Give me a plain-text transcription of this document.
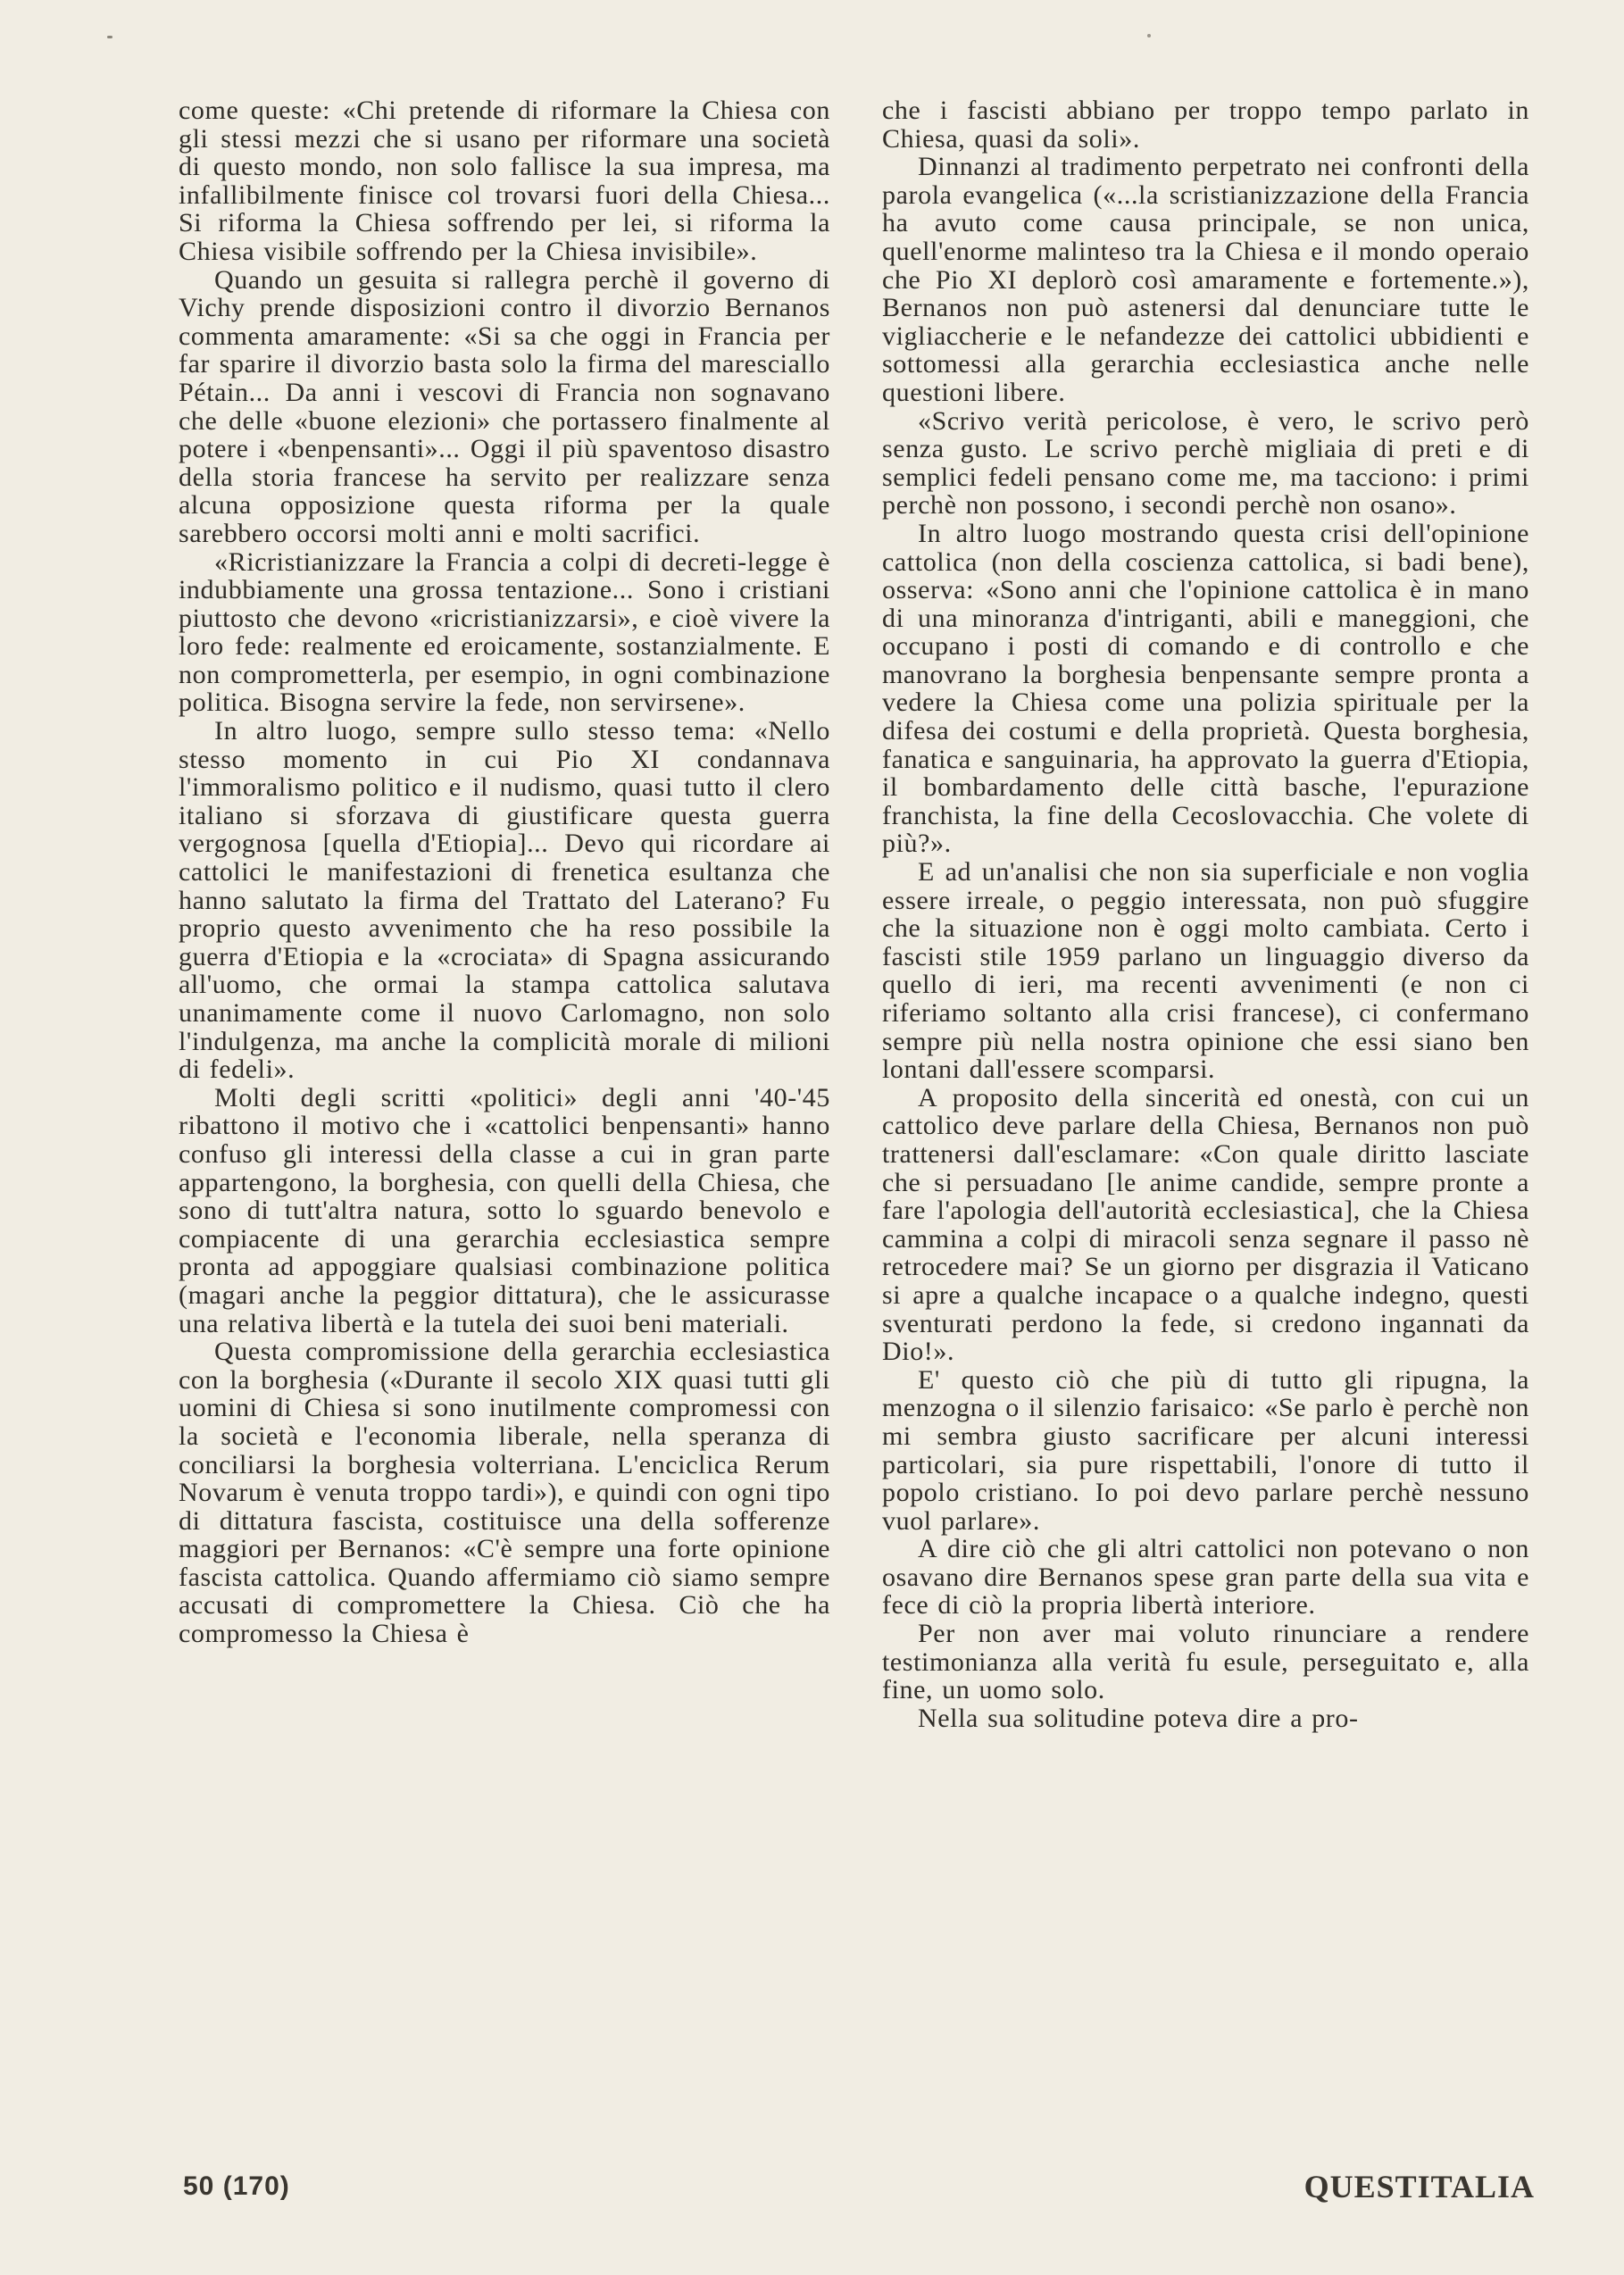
come queste: «Chi pretende di riformare la Chiesa con gli stessi mezzi che si usano per riformare una società di questo mondo, non solo fallisce la sua impresa, ma infallibilmente finisce col trovarsi fuori della Chiesa... Si riforma la Chiesa soffrendo per lei, si riforma la Chiesa visibile soffrendo per la Chiesa invisibile».

Quando un gesuita si rallegra perchè il governo di Vichy prende disposizioni contro il divorzio Bernanos commenta amaramente: «Si sa che oggi in Francia per far sparire il divorzio basta solo la firma del maresciallo Pétain... Da anni i vescovi di Francia non sognavano che delle «buone elezioni» che portassero finalmente al potere i «benpensanti»... Oggi il più spaventoso disastro della storia francese ha servito per realizzare senza alcuna opposizione questa riforma per la quale sarebbero occorsi molti anni e molti sacrifici.

«Ricristianizzare la Francia a colpi di decreti-legge è indubbiamente una grossa tentazione... Sono i cristiani piuttosto che devono «ricristianizzarsi», e cioè vivere la loro fede: realmente ed eroicamente, sostanzialmente. E non comprometterla, per esempio, in ogni combinazione politica. Bisogna servire la fede, non servirsene».

In altro luogo, sempre sullo stesso tema: «Nello stesso momento in cui Pio XI condannava l'immoralismo politico e il nudismo, quasi tutto il clero italiano si sforzava di giustificare questa guerra vergognosa [quella d'Etiopia]... Devo qui ricordare ai cattolici le manifestazioni di frenetica esultanza che hanno salutato la firma del Trattato del Laterano? Fu proprio questo avvenimento che ha reso possibile la guerra d'Etiopia e la «crociata» di Spagna assicurando all'uomo, che ormai la stampa cattolica salutava unanimamente come il nuovo Carlomagno, non solo l'indulgenza, ma anche la complicità morale di milioni di fedeli».

Molti degli scritti «politici» degli anni '40-'45 ribattono il motivo che i «cattolici benpensanti» hanno confuso gli interessi della classe a cui in gran parte appartengono, la borghesia, con quelli della Chiesa, che sono di tutt'altra natura, sotto lo sguardo benevolo e compiacente di una gerarchia ecclesiastica sempre pronta ad appoggiare qualsiasi combinazione politica (magari anche la peggior dittatura), che le assicurasse una relativa libertà e la tutela dei suoi beni materiali.

Questa compromissione della gerarchia ecclesiastica con la borghesia («Durante il secolo XIX quasi tutti gli uomini di Chiesa si sono inutilmente compromessi con la società e l'economia liberale, nella speranza di conciliarsi la borghesia volterriana. L'enciclica Rerum Novarum è venuta troppo tardi»), e quindi con ogni tipo di dittatura fascista, costituisce una della sofferenze maggiori per Bernanos: «C'è sempre una forte opinione fascista cattolica. Quando affermiamo ciò siamo sempre accusati di compromettere la Chiesa. Ciò che ha compromesso la Chiesa è

che i fascisti abbiano per troppo tempo parlato in Chiesa, quasi da soli».

Dinnanzi al tradimento perpetrato nei confronti della parola evangelica («...la scristianizzazione della Francia ha avuto come causa principale, se non unica, quell'enorme malinteso tra la Chiesa e il mondo operaio che Pio XI deplorò così amaramente e fortemente.»), Bernanos non può astenersi dal denunciare tutte le vigliaccherie e le nefandezze dei cattolici ubbidienti e sottomessi alla gerarchia ecclesiastica anche nelle questioni libere.

«Scrivo verità pericolose, è vero, le scrivo però senza gusto. Le scrivo perchè migliaia di preti e di semplici fedeli pensano come me, ma tacciono: i primi perchè non possono, i secondi perchè non osano».

In altro luogo mostrando questa crisi dell'opinione cattolica (non della coscienza cattolica, si badi bene), osserva: «Sono anni che l'opinione cattolica è in mano di una minoranza d'intriganti, abili e maneggioni, che occupano i posti di comando e di controllo e che manovrano la borghesia benpensante sempre pronta a vedere la Chiesa come una polizia spirituale per la difesa dei costumi e della proprietà. Questa borghesia, fanatica e sanguinaria, ha approvato la guerra d'Etiopia, il bombardamento delle città basche, l'epurazione franchista, la fine della Cecoslovacchia. Che volete di più?».

E ad un'analisi che non sia superficiale e non voglia essere irreale, o peggio interessata, non può sfuggire che la situazione non è oggi molto cambiata. Certo i fascisti stile 1959 parlano un linguaggio diverso da quello di ieri, ma recenti avvenimenti (e non ci riferiamo soltanto alla crisi francese), ci confermano sempre più nella nostra opinione che essi siano ben lontani dall'essere scomparsi.

A proposito della sincerità ed onestà, con cui un cattolico deve parlare della Chiesa, Bernanos non può trattenersi dall'esclamare: «Con quale diritto lasciate che si persuadano [le anime candide, sempre pronte a fare l'apologia dell'autorità ecclesiastica], che la Chiesa cammina a colpi di miracoli senza segnare il passo nè retrocedere mai? Se un giorno per disgrazia il Vaticano si apre a qualche incapace o a qualche indegno, questi sventurati perdono la fede, si credono ingannati da Dio!».

E' questo ciò che più di tutto gli ripugna, la menzogna o il silenzio farisaico: «Se parlo è perchè non mi sembra giusto sacrificare per alcuni interessi particolari, sia pure rispettabili, l'onore di tutto il popolo cristiano. Io poi devo parlare perchè nessuno vuol parlare».

A dire ciò che gli altri cattolici non potevano o non osavano dire Bernanos spese gran parte della sua vita e fece di ciò la propria libertà interiore.

Per non aver mai voluto rinunciare a rendere testimonianza alla verità fu esule, perseguitato e, alla fine, un uomo solo.

Nella sua solitudine poteva dire a pro-

50 (170)	QUESTITALIA
